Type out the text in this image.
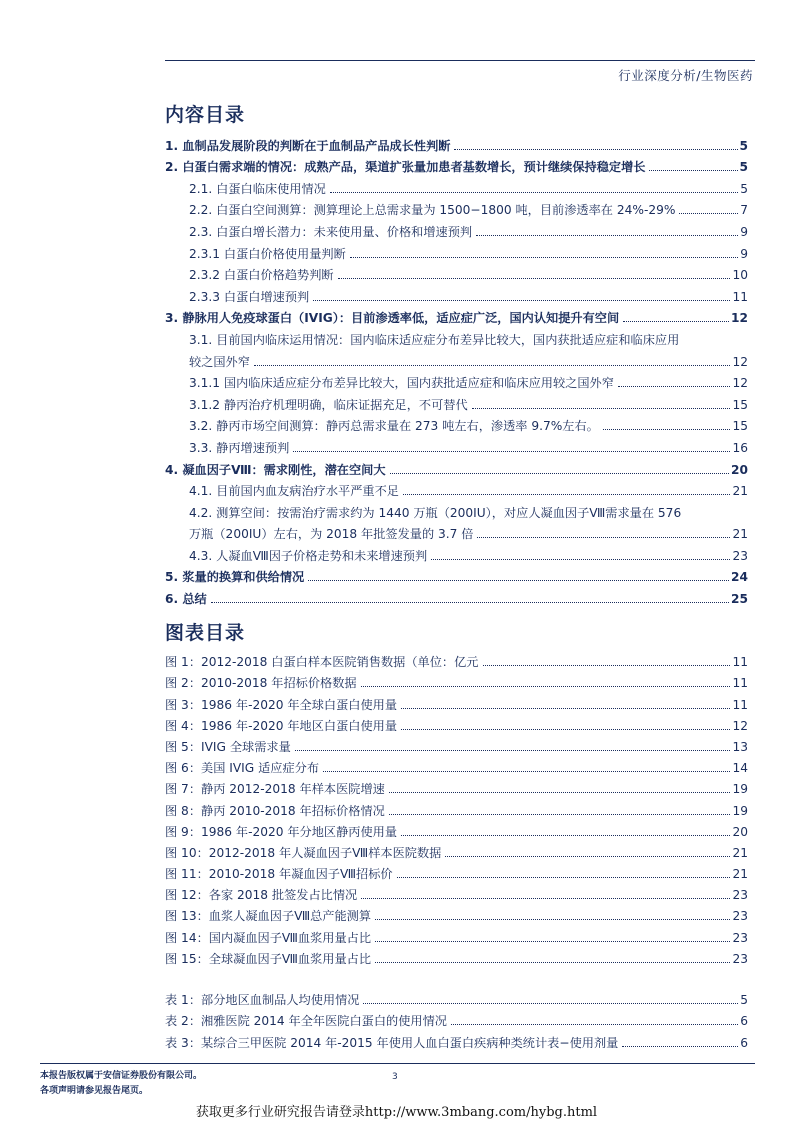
行业深度分析/生物医药
内容目录
1. 血制品发展阶段的判断在于血制品产品成长性判断	5
2. 白蛋白需求端的情况：成熟产品，渠道扩张量加患者基数增长，预计继续保持稳定增长	5
2.1. 白蛋白临床使用情况	5
2.2. 白蛋白空间测算：测算理论上总需求量为 1500−1800 吨，目前渗透率在 24%-29%	7
2.3. 白蛋白增长潜力：未来使用量、价格和增速预判	9
2.3.1 白蛋白价格使用量判断	9
2.3.2 白蛋白价格趋势判断	10
2.3.3 白蛋白增速预判	11
3. 静脉用人免疫球蛋白（IVIG）：目前渗透率低，适应症广泛，国内认知提升有空间	12
3.1. 目前国内临床运用情况：国内临床适应症分布差异比较大，国内获批适应症和临床应用
较之国外窄	12
3.1.1 国内临床适应症分布差异比较大，国内获批适应症和临床应用较之国外窄	12
3.1.2 静丙治疗机理明确，临床证据充足，不可替代	15
3.2. 静丙市场空间测算：静丙总需求量在 273 吨左右，渗透率 9.7%左右。	15
3.3. 静丙增速预判	16
4. 凝血因子Ⅷ：需求刚性，潜在空间大	20
4.1. 目前国内血友病治疗水平严重不足	21
4.2. 测算空间：按需治疗需求约为 1440 万瓶（200IU），对应人凝血因子Ⅷ需求量在 576
万瓶（200IU）左右，为 2018 年批签发量的 3.7 倍	21
4.3. 人凝血Ⅷ因子价格走势和未来增速预判	23
5. 浆量的换算和供给情况	24
6. 总结	25
图表目录
图 1：2012-2018 白蛋白样本医院销售数据（单位：亿元	11
图 2：2010-2018 年招标价格数据	11
图 3：1986 年-2020 年全球白蛋白使用量	11
图 4：1986 年-2020 年地区白蛋白使用量	12
图 5：IVIG 全球需求量	13
图 6：美国 IVIG 适应症分布	14
图 7：静丙 2012-2018 年样本医院增速	19
图 8：静丙 2010-2018 年招标价格情况	19
图 9：1986 年-2020 年分地区静丙使用量	20
图 10：2012-2018 年人凝血因子Ⅷ样本医院数据	21
图 11：2010-2018 年凝血因子Ⅷ招标价	21
图 12：各家 2018 批签发占比情况	23
图 13：血浆人凝血因子Ⅷ总产能测算	23
图 14：国内凝血因子Ⅷ血浆用量占比	23
图 15：全球凝血因子Ⅷ血浆用量占比	23
表 1：部分地区血制品人均使用情况	5
表 2：湘雅医院 2014 年全年医院白蛋白的使用情况	6
表 3：某综合三甲医院 2014 年-2015 年使用人血白蛋白疾病种类统计表−使用剂量	6
本报告版权属于安信证券股份有限公司。
各项声明请参见报告尾页。
3
获取更多行业研究报告请登录http://www.3mbang.com/hybg.html
